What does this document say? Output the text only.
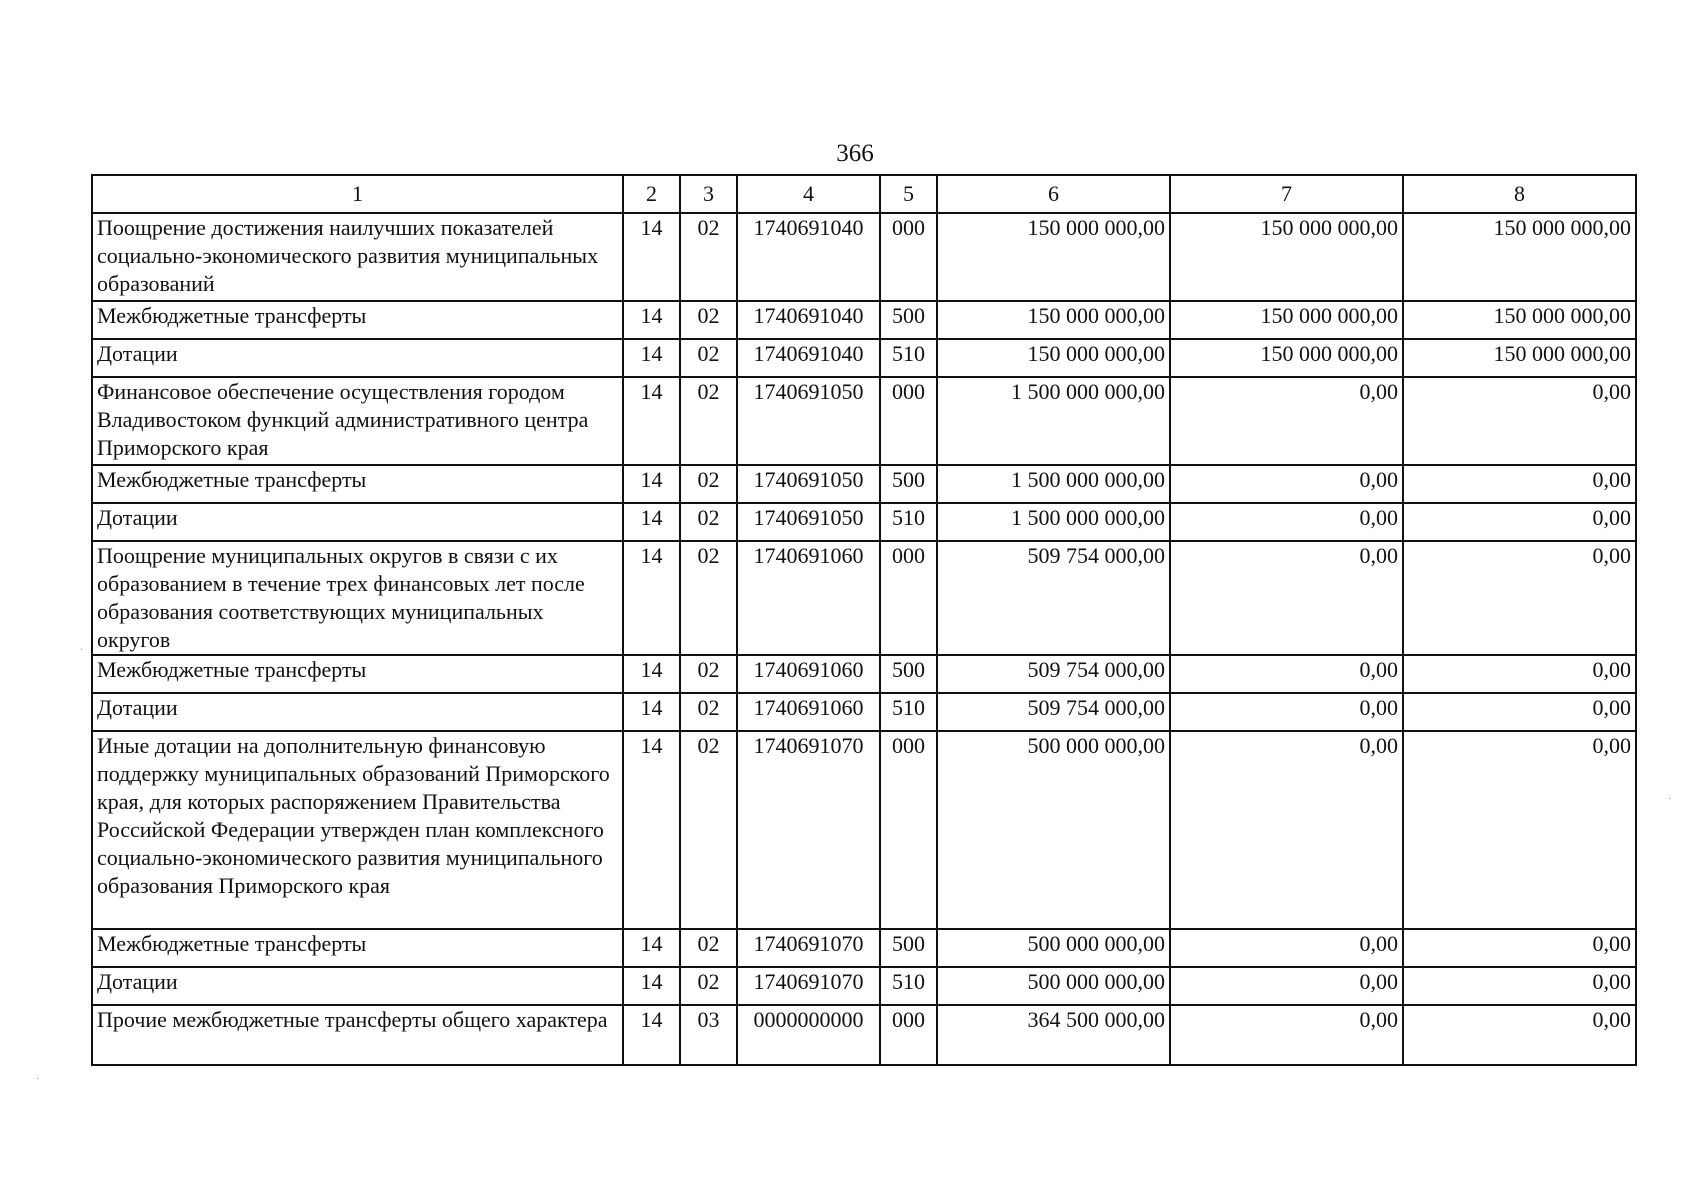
366
1	2	3	4	5	6	7	8
Поощрение достижения наилучших показателей социально-экономического развития муниципальных образований	14	02	1740691040	000	150 000 000,00	150 000 000,00	150 000 000,00
Межбюджетные трансферты	14	02	1740691040	500	150 000 000,00	150 000 000,00	150 000 000,00
Дотации	14	02	1740691040	510	150 000 000,00	150 000 000,00	150 000 000,00
Финансовое обеспечение осуществления городом Владивостоком функций административного центра Приморского края	14	02	1740691050	000	1 500 000 000,00	0,00	0,00
Межбюджетные трансферты	14	02	1740691050	500	1 500 000 000,00	0,00	0,00
Дотации	14	02	1740691050	510	1 500 000 000,00	0,00	0,00
Поощрение муниципальных округов в связи с их образованием в течение трех финансовых лет после образования соответствующих муниципальных округов	14	02	1740691060	000	509 754 000,00	0,00	0,00
Межбюджетные трансферты	14	02	1740691060	500	509 754 000,00	0,00	0,00
Дотации	14	02	1740691060	510	509 754 000,00	0,00	0,00
Иные дотации на дополнительную финансовую поддержку муниципальных образований Приморского края, для которых распоряжением Правительства Российской Федерации утвержден план комплексного социально-экономического развития муниципального образования Приморского края	14	02	1740691070	000	500 000 000,00	0,00	0,00
Межбюджетные трансферты	14	02	1740691070	500	500 000 000,00	0,00	0,00
Дотации	14	02	1740691070	510	500 000 000,00	0,00	0,00
Прочие межбюджетные трансферты общего характера	14	03	0000000000	000	364 500 000,00	0,00	0,00
·
·
·
